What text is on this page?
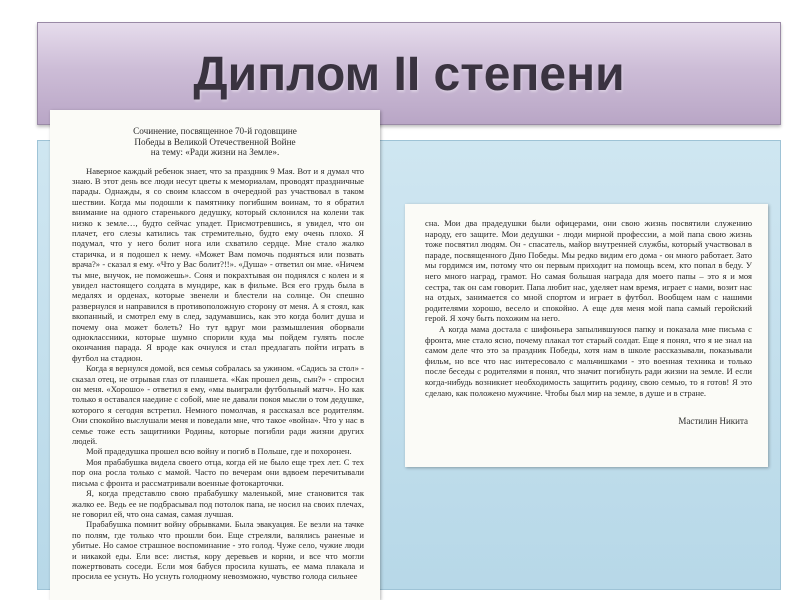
Диплом II степени
Сочинение, посвященное 70-й годовщине
Победы в Великой Отечественной Войне
на тему: «Ради жизни на Земле».

Наверное каждый ребенок знает, что за праздник 9 Мая. Вот и я думал что знаю. В этот день все люди несут цветы к мемориалам, проводят праздничные парады. Однажды, я со своим классом в очередной раз участвовал в таком шествии. Когда мы подошли к памятнику погибшим воинам, то я обратил внимание на одного старенького дедушку, который склонился на колени так низко к земле…, будто сейчас упадет. Присмотревшись, я увидел, что он плачет, его слезы катились так стремительно, будто ему очень плохо. Я подумал, что у него болит нога или схватило сердце. Мне стало жалко старичка, и я подошел к нему. «Может Вам помочь подняться или позвать врача?» - сказал я ему. «Что у Вас болит?!!». «Душа» - ответил он мне. «Ничем ты мне, внучок, не поможешь». Соня и покрахтывая он поднялся с колен и я увидел настоящего солдата в мундире, как в фильме. Вся его грудь была в медалях и орденах, которые звенели и блестели на солнце. Он спешно развернулся и направился в противоположную сторону от меня. А я стоял, как вкопанный, и смотрел ему в след, задумавшись, как это когда болит душа и почему она может болеть? Но тут вдруг мои размышления оборвали одноклассники, которые шумно спорили куда мы пойдем гулять после окончания парада. Я вроде как очнулся и стал предлагать пойти играть в футбол на стадион.

Когда я вернулся домой, вся семья собралась за ужином. «Садись за стол» - сказал отец, не отрывая глаз от планшета. «Как прошел день, сын?» - спросил он меня. «Хорошо» - ответил я ему, «мы выиграли футбольный матч». Но как только я оставался наедине с собой, мне не давали покоя мысли о том дедушке, которого я сегодня встретил. Немного помолчав, я рассказал все родителям. Они спокойно выслушали меня и поведали мне, что такое «война». Что у нас в семье тоже есть защитники Родины, которые погибли ради жизни других людей.

Мой прадедушка прошел всю войну и погиб в Польше, где и похоронен.

Моя прабабушка видела своего отца, когда ей не было еще трех лет. С тех пор она росла только с мамой. Часто по вечерам они вдвоем перечитывали письма с фронта и рассматривали военные фотокарточки.

Я, когда представлю свою прабабушку маленькой, мне становится так жалко ее. Ведь ее не подбрасывал под потолок папа, не носил на своих плечах, не говорил ей, что она самая, самая лучшая.

Прабабушка помнит войну обрывками. Была эвакуация. Ее везли на тачке по полям, где только что прошли бои. Еще стреляли, валялись раненые и убитые. Но самое страшное воспоминание - это голод. Чуже село, чужие люди и никакой еды. Ели все: листья, кору деревьев и корни, и все что могли пожертвовать соседи. Если моя бабуся просила кушать, ее мама плакала и просила ее уснуть. Но уснуть голодному невозможно, чувство голода сильнее

сна. Мои два прадедушки были офицерами, они свою жизнь посвятили служению народу, его защите. Мои дедушки - люди мирной профессии, а мой папа свою жизнь тоже посвятил людям. Он - спасатель, майор внутренней службы, который участвовал в параде, посвященного Дню Победы. Мы редко видим его дома - он много работает. Зато мы гордимся им, потому что он первым приходит на помощь всем, кто попал в беду. У него много наград, грамот. Но самая большая награда для моего папы – это я и моя сестра, так он сам говорит. Папа любит нас, уделяет нам время, играет с нами, возит нас на отдых, занимается со мной спортом и играет в футбол. Вообщем нам с нашими родителями хорошо, весело и спокойно. А еще для меня мой папа самый геройский герой. Я хочу быть похожим на него.

А когда мама достала с шифоньера запылившуюся папку и показала мне письма с фронта, мне стало ясно, почему плакал тот старый солдат. Еще я понял, что я не знал на самом деле что это за праздник Победы, хотя нам в школе рассказывали, показывали фильм, но все что нас интересовало с мальчишками - это военная техника и только после беседы с родителями я понял, что значит погибнуть ради жизни на земле. И если когда-нибудь возникнет необходимость защитить родину, свою семью, то я готов! Я это сделаю, как положено мужчине. Чтобы был мир на земле, в душе и в стране.

Мастилин Никита
